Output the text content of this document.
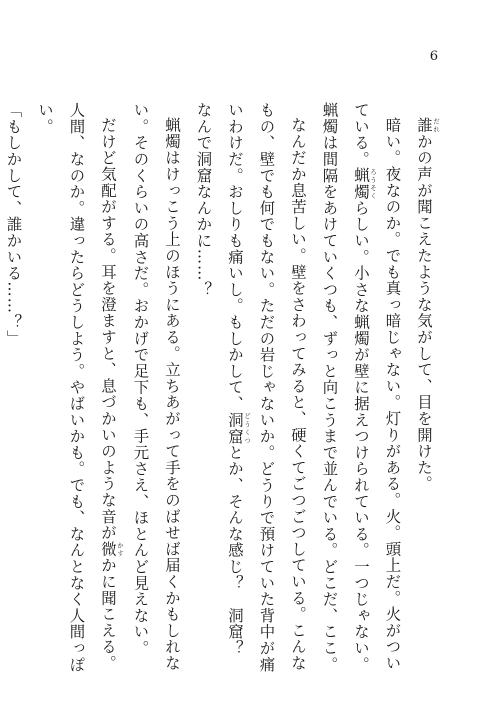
6

誰 だれかの声が聞こえたような気がして、目を開けた。

暗い。夜なのか。でも真っ暗じゃない。灯りがある。火。頭上だ。火がついている。蝋 ろう燭 そくらしい。小さな蝋燭が壁に据えつけられている。一つじゃない。蝋燭は間隔をあけていくつも、ずっと向こうまで並んでいる。どこだ、ここ。

なんだか息苦しい。壁をさわってみると、硬くてごつごつしている。こんなもの、壁でも何でもない。ただの岩じゃないか。どうりで預けていた背中が痛いわけだ。おしりも痛いし。もしかして、洞窟 どうくつとか、そんな感じ？　洞窟？　なんで洞窟なんかに……？

蝋燭はけっこう上のほうにある。立ちあがって手をのばせば届くかもしれない。そのくらいの高さだ。おかげで足下も、手元さえ、ほとんど見えない。

だけど気配がする。耳を澄ますと、息づかいのような音が微 かすかに聞こえる。人間、なのか。違ったらどうしよう。やばいかも。でも、なんとなく人間っぽい。

「もしかして、誰かいる……？」
